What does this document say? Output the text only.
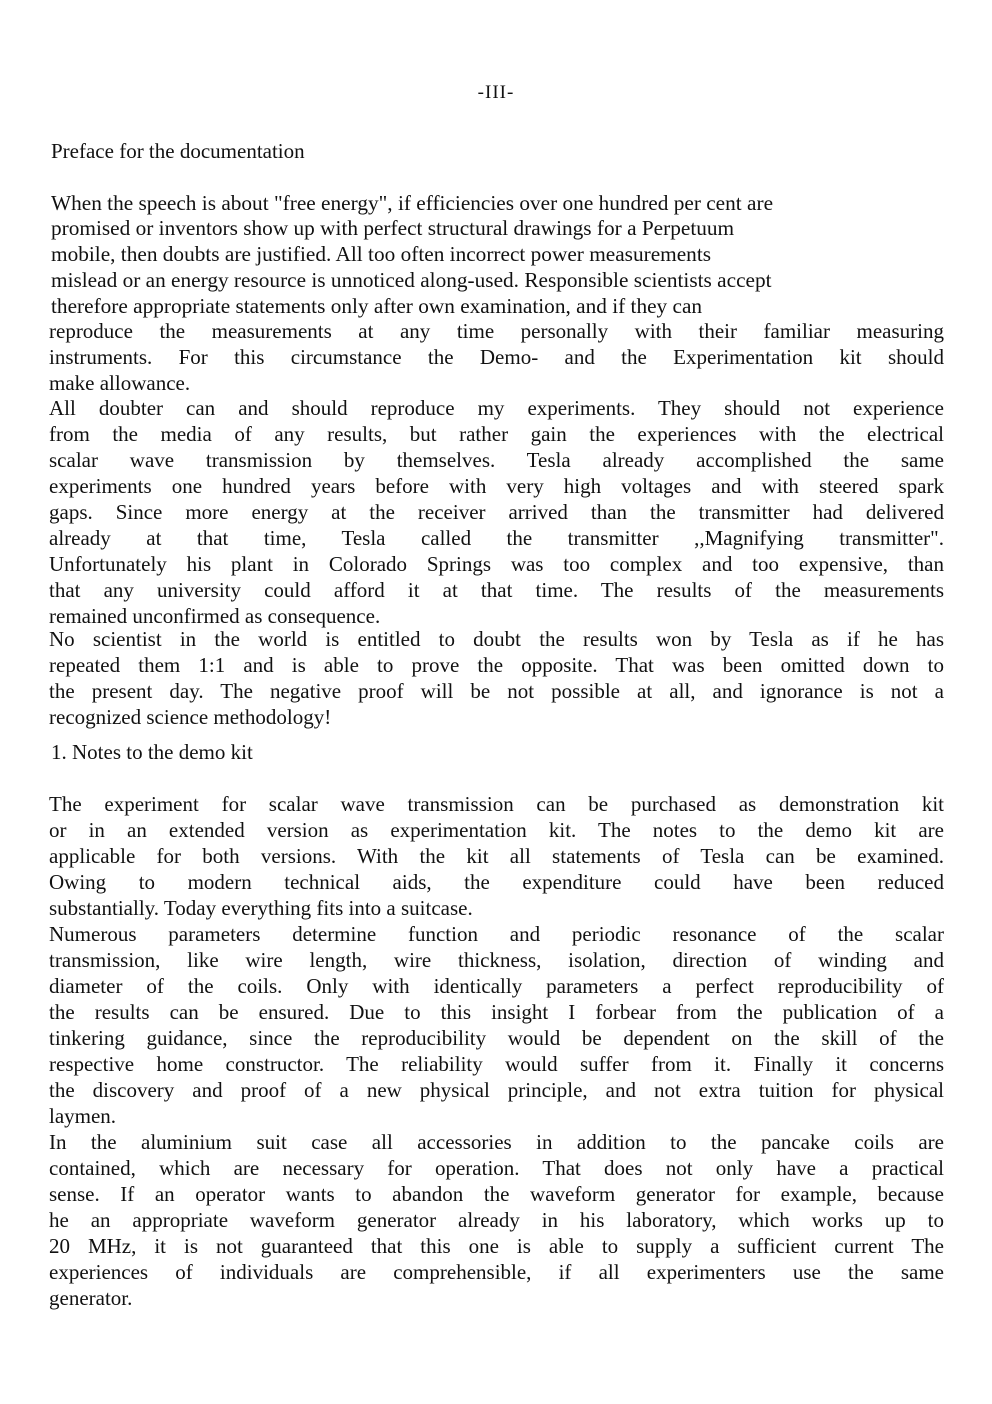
-III-
Preface for the documentation
When the speech is about "free energy", if efficiencies over one hundred per cent are
promised or inventors show up with perfect structural drawings for a Perpetuum
mobile, then doubts are justified. All too often incorrect power measurements
mislead or an energy resource is unnoticed along-used. Responsible scientists accept
therefore appropriate statements only after own examination, and if they can
reproduce the measurements at any time personally with their familiar measuring
instruments. For this circumstance the Demo- and the Experimentation kit should
make allowance.
All doubter can and should reproduce my experiments. They should not experience
from the media of any results, but rather gain the experiences with the electrical
scalar wave transmission by themselves. Tesla already accomplished the same
experiments one hundred years before with very high voltages and with steered spark
gaps. Since more energy at the receiver arrived than the transmitter had delivered
already at that time, Tesla called the transmitter ,,Magnifying transmitter".
Unfortunately his plant in Colorado Springs was too complex and too expensive, than
that any university could afford it at that time. The results of the measurements
remained unconfirmed as consequence.
No scientist in the world is entitled to doubt the results won by Tesla as if he has
repeated them 1:1 and is able to prove the opposite. That was been omitted down to
the present day. The negative proof will be not possible at all, and ignorance is not a
recognized science methodology!
1. Notes to the demo kit
The experiment for scalar wave transmission can be purchased as demonstration kit
or in an extended version as experimentation kit. The notes to the demo kit are
applicable for both versions. With the kit all statements of Tesla can be examined.
Owing to modern technical aids, the expenditure could have been reduced
substantially. Today everything fits into a suitcase.
Numerous parameters determine function and periodic resonance of the scalar
transmission, like wire length, wire thickness, isolation, direction of winding and
diameter of the coils. Only with identically parameters a perfect reproducibility of
the results can be ensured. Due to this insight I forbear from the publication of a
tinkering guidance, since the reproducibility would be dependent on the skill of the
respective home constructor. The reliability would suffer from it. Finally it concerns
the discovery and proof of a new physical principle, and not extra tuition for physical
laymen.
In the aluminium suit case all accessories in addition to the pancake coils are
contained, which are necessary for operation. That does not only have a practical
sense. If an operator wants to abandon the waveform generator for example, because
he an appropriate waveform generator already in his laboratory, which works up to
20 MHz, it is not guaranteed that this one is able to supply a sufficient current The
experiences of individuals are comprehensible, if all experimenters use the same
generator.
